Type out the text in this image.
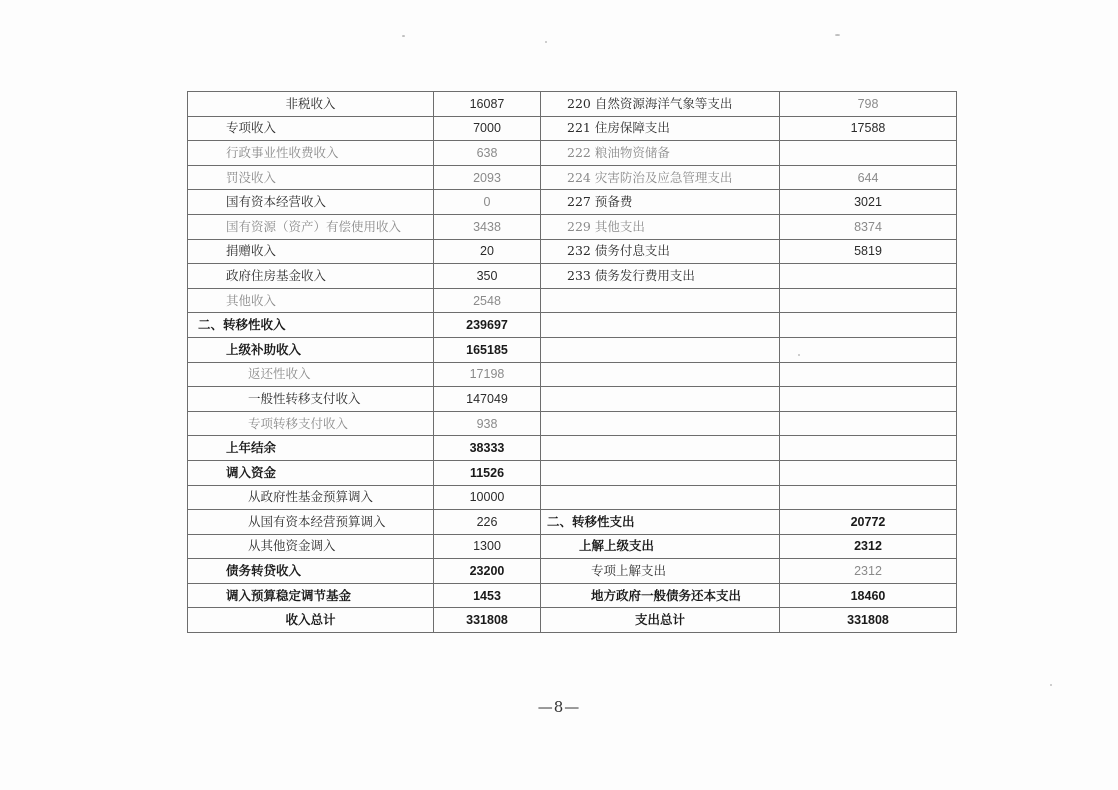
非税收入	16087	220 自然资源海洋气象等支出	798
专项收入	7000	221 住房保障支出	17588
行政事业性收费收入	638	222 粮油物资储备	
罚没收入	2093	224 灾害防治及应急管理支出	644
国有资本经营收入	0	227 预备费	3021
国有资源（资产）有偿使用收入	3438	229 其他支出	8374
捐赠收入	20	232 债务付息支出	5819
政府住房基金收入	350	233 债务发行费用支出	
其他收入	2548		
二、转移性收入	239697		
上级补助收入	165185		
返还性收入	17198		
一般性转移支付收入	147049		
专项转移支付收入	938		
上年结余	38333		
调入资金	11526		
从政府性基金预算调入	10000		
从国有资本经营预算调入	226	二、转移性支出	20772
从其他资金调入	1300	上解上级支出	2312
债务转贷收入	23200	专项上解支出	2312
调入预算稳定调节基金	1453	地方政府一般债务还本支出	18460
收入总计	331808	支出总计	331808
—8—
